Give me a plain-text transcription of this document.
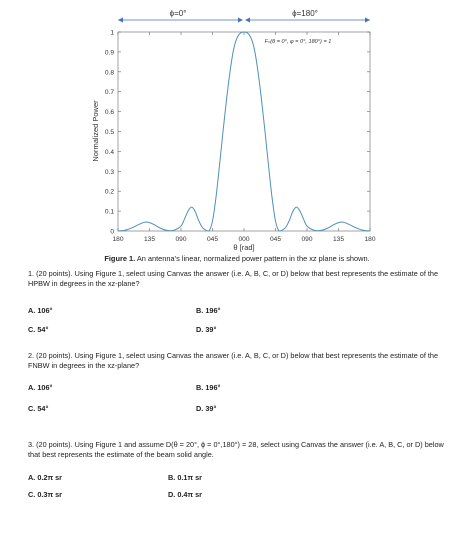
ϕ=0°	ϕ=180°
0
0.1
0.2
0.3
0.4
0.5
0.6
0.7
0.8
0.9
1
180	135	090	045	000	045	090	135	180
Normalized Power
θ [rad]
Fₙ(θ = 0°, φ = 0°, 180°) = 1
Figure 1. An antenna’s linear, normalized power pattern in the xz plane is shown.
1. (20 points). Using Figure 1, select using Canvas the answer (i.e. A, B, C, or D) below that best represents the estimate of the HPBW in degrees in the xz-plane?
A. 106°	B. 196°
C. 54°	D. 39°
2. (20 points). Using Figure 1, select using Canvas the answer (i.e. A, B, C, or D) below that best represents the estimate of the FNBW in degrees in the xz-plane?
A. 106°	B. 196°
C. 54°	D. 39°
3. (20 points). Using Figure 1 and assume D(θ = 20°, ϕ = 0°,180°) = 28, select using Canvas the answer (i.e. A, B, C, or D) below that best represents the estimate of the beam solid angle.
A. 0.2π sr	B. 0.1π sr
C. 0.3π sr	D. 0.4π sr
